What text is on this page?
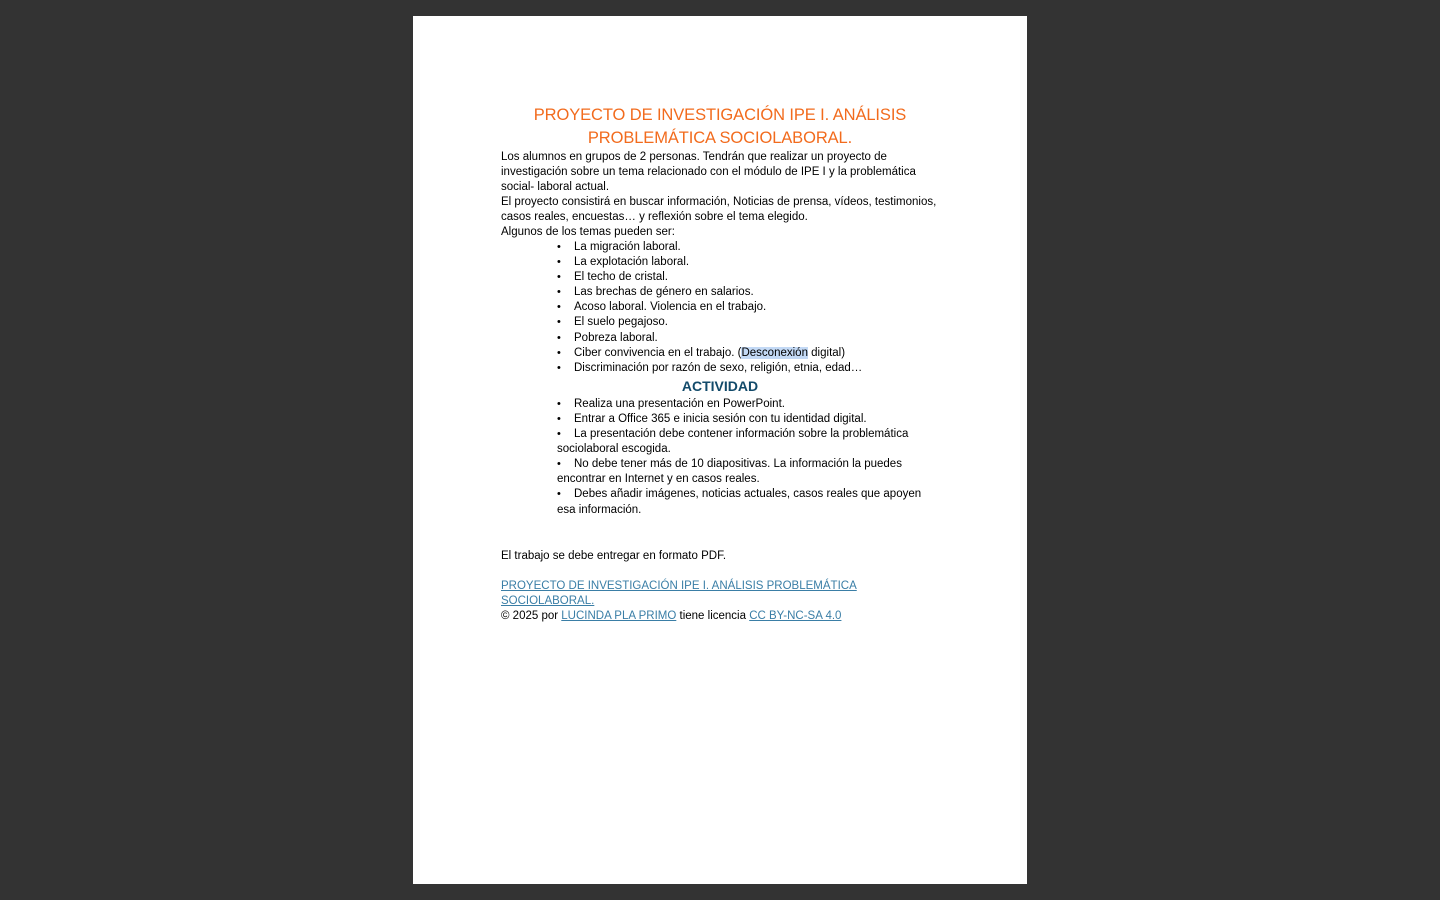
PROYECTO DE INVESTIGACIÓN IPE I. ANÁLISIS
PROBLEMÁTICA SOCIOLABORAL.

Los alumnos en grupos de 2 personas. Tendrán que realizar un proyecto de investigación sobre un tema relacionado con el módulo de IPE I y la problemática social- laboral actual.

El proyecto consistirá en buscar información, Noticias de prensa, vídeos, testimonios, casos reales, encuestas… y reflexión sobre el tema elegido.

Algunos de los temas pueden ser:

• La migración laboral.
• La explotación laboral.
• El techo de cristal.
• Las brechas de género en salarios.
• Acoso laboral. Violencia en el trabajo.
• El suelo pegajoso.
• Pobreza laboral.
• Ciber convivencia en el trabajo. (Desconexión digital)
• Discriminación por razón de sexo, religión, etnia, edad…
ACTIVIDAD
• Realiza una presentación en PowerPoint.
• Entrar a Office 365 e inicia sesión con tu identidad digital.
• La presentación debe contener información sobre la problemática sociolaboral escogida.
• No debe tener más de 10 diapositivas. La información la puedes encontrar en Internet y en casos reales.
• Debes añadir imágenes, noticias actuales, casos reales que apoyen esa información.

El trabajo se debe entregar en formato PDF.

PROYECTO DE INVESTIGACIÓN IPE I. ANÁLISIS PROBLEMÁTICA SOCIOLABORAL.

© 2025 por LUCINDA PLA PRIMO tiene licencia CC BY-NC-SA 4.0
